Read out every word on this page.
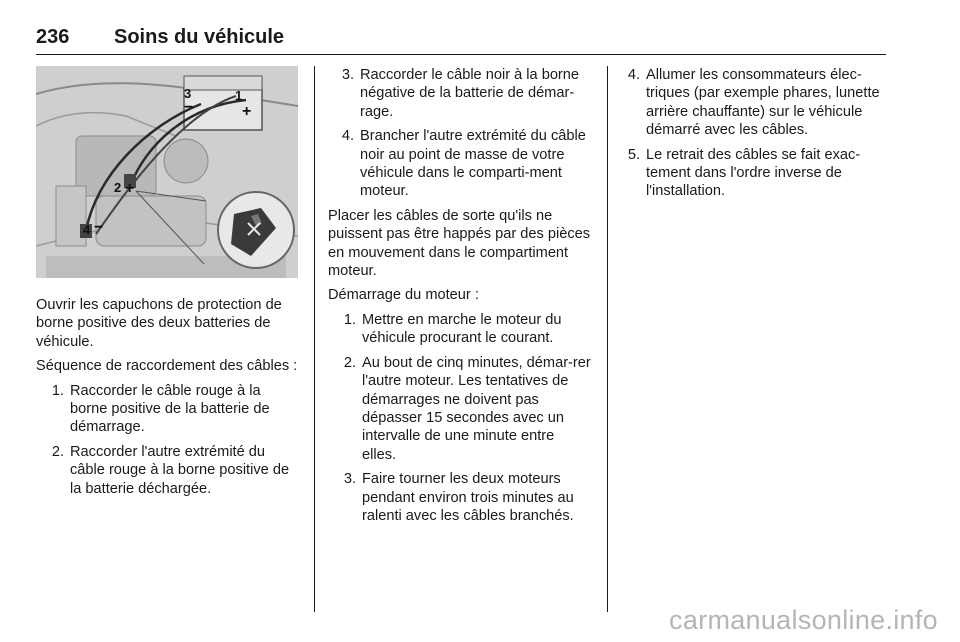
236 Soins du véhicule
1
+
3
−
2 +
4 −

Ouvrir les capuchons de protection de borne positive des deux batteries de véhicule.

Séquence de raccordement des câbles :

1. Raccorder le câble rouge à la borne positive de la batterie de démarrage.
2. Raccorder l'autre extrémité du câble rouge à la borne positive de la batterie déchargée.
3. Raccorder le câble noir à la borne négative de la batterie de démar-rage.
4. Brancher l'autre extrémité du câble noir au point de masse de votre véhicule dans le comparti-ment moteur.

Placer les câbles de sorte qu'ils ne puissent pas être happés par des pièces en mouvement dans le compartiment moteur.

Démarrage du moteur :

1. Mettre en marche le moteur du véhicule procurant le courant.
2. Au bout de cinq minutes, démar-rer l'autre moteur. Les tentatives de démarrages ne doivent pas dépasser 15 secondes avec un intervalle de une minute entre elles.
3. Faire tourner les deux moteurs pendant environ trois minutes au ralenti avec les câbles branchés.
4. Allumer les consommateurs élec-triques (par exemple phares, lunette arrière chauffante) sur le véhicule démarré avec les câbles.
5. Le retrait des câbles se fait exac-tement dans l'ordre inverse de l'installation.
carmanualsonline.info
